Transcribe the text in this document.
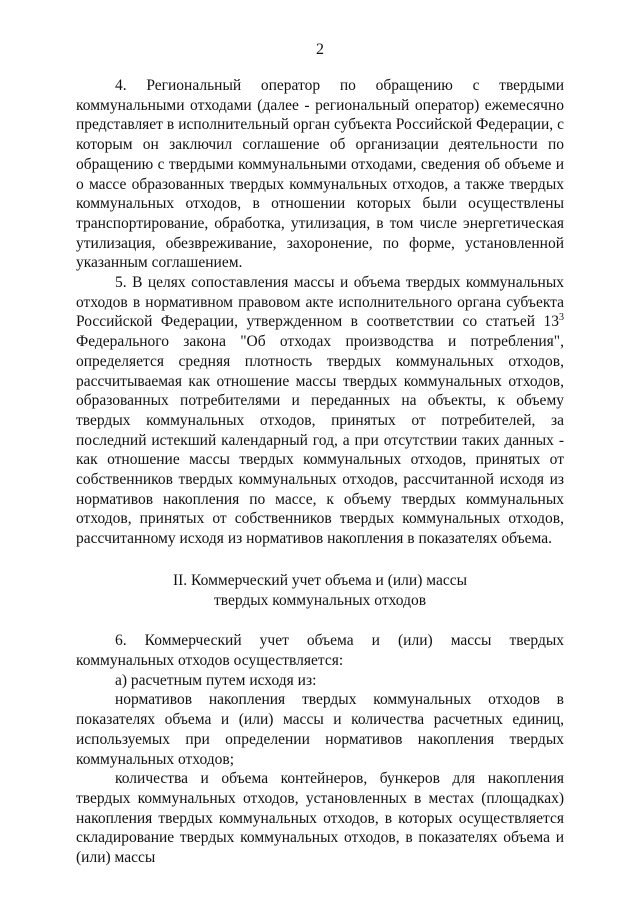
2

4. Региональный оператор по обращению с твердыми коммунальными отходами (далее - региональный оператор) ежемесячно представляет в исполнительный орган субъекта Российской Федерации, с которым он заключил соглашение об организации деятельности по обращению с твердыми коммунальными отходами, сведения об объеме и о массе образованных твердых коммунальных отходов, а также твердых коммунальных отходов, в отношении которых были осуществлены транспортирование, обработка, утилизация, в том числе энергетическая утилизация, обезвреживание, захоронение, по форме, установленной указанным соглашением.

5. В целях сопоставления массы и объема твердых коммунальных отходов в нормативном правовом акте исполнительного органа субъекта Российской Федерации, утвержденном в соответствии со статьей $13^3$ Федерального закона "Об отходах производства и потребления", определяется средняя плотность твердых коммунальных отходов, рассчитываемая как отношение массы твердых коммунальных отходов, образованных потребителями и переданных на объекты, к объему твердых коммунальных отходов, принятых от потребителей, за последний истекший календарный год, а при отсутствии таких данных - как отношение массы твердых коммунальных отходов, принятых от собственников твердых коммунальных отходов, рассчитанной исходя из нормативов накопления по массе, к объему твердых коммунальных отходов, принятых от собственников твердых коммунальных отходов, рассчитанному исходя из нормативов накопления в показателях объема.

II. Коммерческий учет объема и (или) массы
твердых коммунальных отходов

6. Коммерческий учет объема и (или) массы твердых коммунальных отходов осуществляется:

а) расчетным путем исходя из:

нормативов накопления твердых коммунальных отходов в показателях объема и (или) массы и количества расчетных единиц, используемых при определении нормативов накопления твердых коммунальных отходов;

количества и объема контейнеров, бункеров для накопления твердых коммунальных отходов, установленных в местах (площадках) накопления твердых коммунальных отходов, в которых осуществляется складирование твердых коммунальных отходов, в показателях объема и (или) массы
